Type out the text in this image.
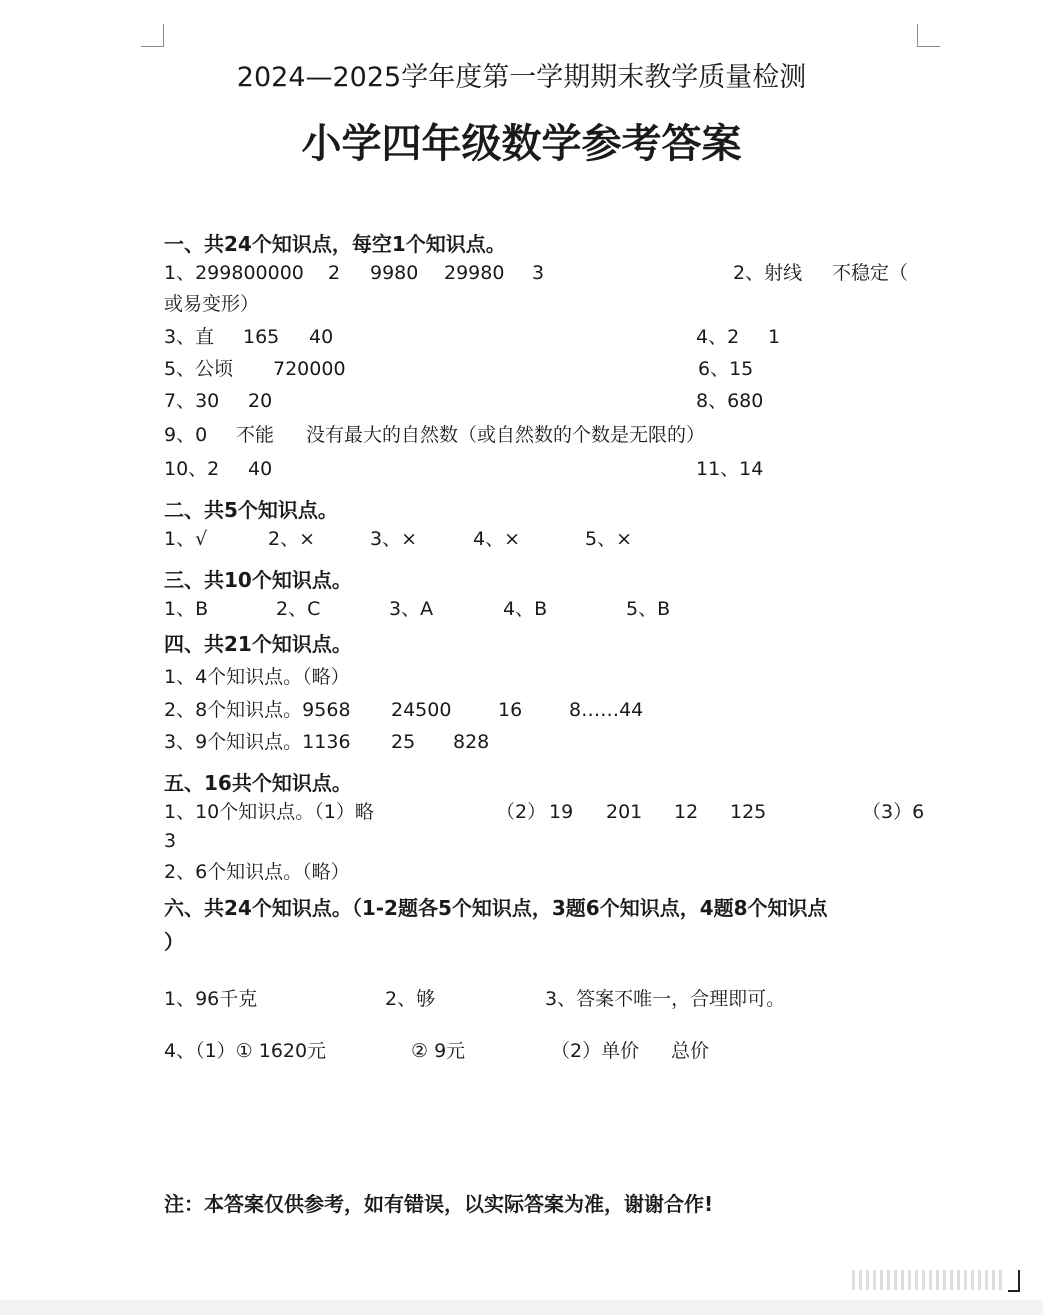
2024—2025学年度第一学期期末教学质量检测
小学四年级数学参考答案
一、共24个知识点，每空1个知识点。
1、299800000 2 9980 29980 3	2、射线 不稳定（
或易变形）
3、直 165 40	4、2 1
5、公顷 720000	6、15
7、30 20	8、680
9、0 不能 没有最大的自然数（或自然数的个数是无限的）
10、2 40	11、14
二、共5个知识点。
1、√	2、×	3、×	4、×	5、×
三、共10个知识点。
1、B	2、C	3、A	4、B	5、B
四、共21个知识点。
1、4个知识点。（略）
2、8个知识点。9568 24500 16 8……44
3、9个知识点。1136 25 828
五、16共个知识点。
1、10个知识点。（1）略	（2） 19 201 12 125	（3）6
3
2、6个知识点。（略）
六、共24个知识点。（1-2题各5个知识点，3题6个知识点，4题8个知识点
）
1、96千克	2、够	3、答案不唯一，合理即可。
4、（1）① 1620元	② 9元	（2）单价 总价
注：本答案仅供参考，如有错误，以实际答案为准，谢谢合作!
